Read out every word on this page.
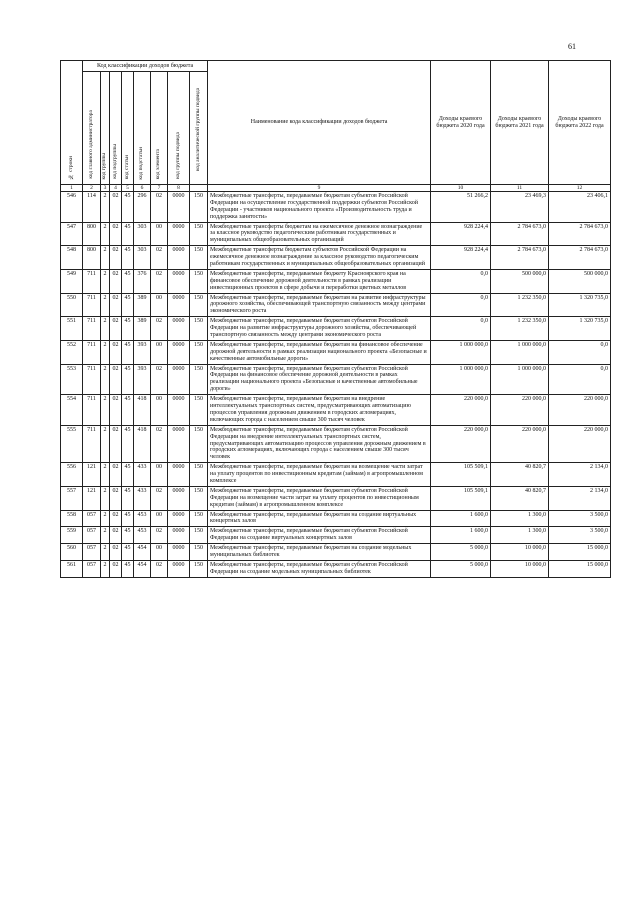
61
№ строки	Код классификации доходов бюджета								Наименование кода классификации доходов бюджета	Доходы краевого бюджета 2020 года	Доходы краевого бюджета 2021 года	Доходы краевого бюджета 2022 года
	код главного администратора	код группы	код подгруппы	код статьи	код подстатьи	код элемента	код группы подвида	код аналитической группы подвида				
1	2	3	4	5	6	7	8		9	10	11	12
546	114	2	02	45	296	02	0000	150	Межбюджетные трансферты, передаваемые бюджетам субъектов Российской Федерации на осуществление государственной поддержки субъектов Российской Федерации - участников национального проекта «Производительность труда и поддержка занятости»	51 266,2	23 469,3	23 406,1
547	800	2	02	45	303	00	0000	150	Межбюджетные трансферты бюджетам на ежемесячное денежное вознаграждение за классное руководство педагогическим работникам государственных и муниципальных общеобразовательных организаций	928 224,4	2 784 673,0	2 784 673,0
548	800	2	02	45	303	02	0000	150	Межбюджетные трансферты бюджетам субъектов Российской Федерации на ежемесячное денежное вознаграждение за классное руководство педагогическим работникам государственных и муниципальных общеобразовательных организаций	928 224,4	2 784 673,0	2 784 673,0
549	711	2	02	45	376	02	0000	150	Межбюджетные трансферты, передаваемые бюджету Красноярского края на финансовое обеспечение дорожной деятельности в рамках реализации инвестиционных проектов в сфере добычи и переработки цветных металлов	0,0	500 000,0	500 000,0
550	711	2	02	45	389	00	0000	150	Межбюджетные трансферты, передаваемые бюджетам на развитие инфраструктуры дорожного хозяйства, обеспечивающей транспортную связанность между центрами экономического роста	0,0	1 232 350,0	1 320 735,0
551	711	2	02	45	389	02	0000	150	Межбюджетные трансферты, передаваемые бюджетам субъектов Российской Федерации на развитие инфраструктуры дорожного хозяйства, обеспечивающей транспортную связанность между центрами экономического роста	0,0	1 232 350,0	1 320 735,0
552	711	2	02	45	393	00	0000	150	Межбюджетные трансферты, передаваемые бюджетам на финансовое обеспечение дорожной деятельности в рамках реализации национального проекта «Безопасные и качественные автомобильные дороги»	1 000 000,0	1 000 000,0	0,0
553	711	2	02	45	393	02	0000	150	Межбюджетные трансферты, передаваемые бюджетам субъектов Российской Федерации на финансовое обеспечение дорожной деятельности в рамках реализации национального проекта «Безопасные и качественные автомобильные дороги»	1 000 000,0	1 000 000,0	0,0
554	711	2	02	45	418	00	0000	150	Межбюджетные трансферты, передаваемые бюджетам на внедрение интеллектуальных транспортных систем, предусматривающих автоматизацию процессов управления дорожным движением в городских агломерациях, включающих города с населением свыше 300 тысяч человек	220 000,0	220 000,0	220 000,0
555	711	2	02	45	418	02	0000	150	Межбюджетные трансферты, передаваемые бюджетам субъектов Российской Федерации на внедрение интеллектуальных транспортных систем, предусматривающих автоматизацию процессов управления дорожным движением в городских агломерациях, включающих города с населением свыше 300 тысяч человек	220 000,0	220 000,0	220 000,0
556	121	2	02	45	433	00	0000	150	Межбюджетные трансферты, передаваемые бюджетам на возмещение части затрат на уплату процентов по инвестиционным кредитам (займам) в агропромышленном комплексе	105 509,1	40 820,7	2 134,0
557	121	2	02	45	433	02	0000	150	Межбюджетные трансферты, передаваемые бюджетам субъектов Российской Федерации на возмещение части затрат на уплату процентов по инвестиционным кредитам (займам) в агропромышленном комплексе	105 509,1	40 820,7	2 134,0
558	057	2	02	45	453	00	0000	150	Межбюджетные трансферты, передаваемые бюджетам на создание виртуальных концертных залов	1 600,0	1 300,0	3 500,0
559	057	2	02	45	453	02	0000	150	Межбюджетные трансферты, передаваемые бюджетам субъектов Российской Федерации на создание виртуальных концертных залов	1 600,0	1 300,0	3 500,0
560	057	2	02	45	454	00	0000	150	Межбюджетные трансферты, передаваемые бюджетам на создание модельных муниципальных библиотек	5 000,0	10 000,0	15 000,0
561	057	2	02	45	454	02	0000	150	Межбюджетные трансферты, передаваемые бюджетам субъектов Российской Федерации на создание модельных муниципальных библиотек	5 000,0	10 000,0	15 000,0
